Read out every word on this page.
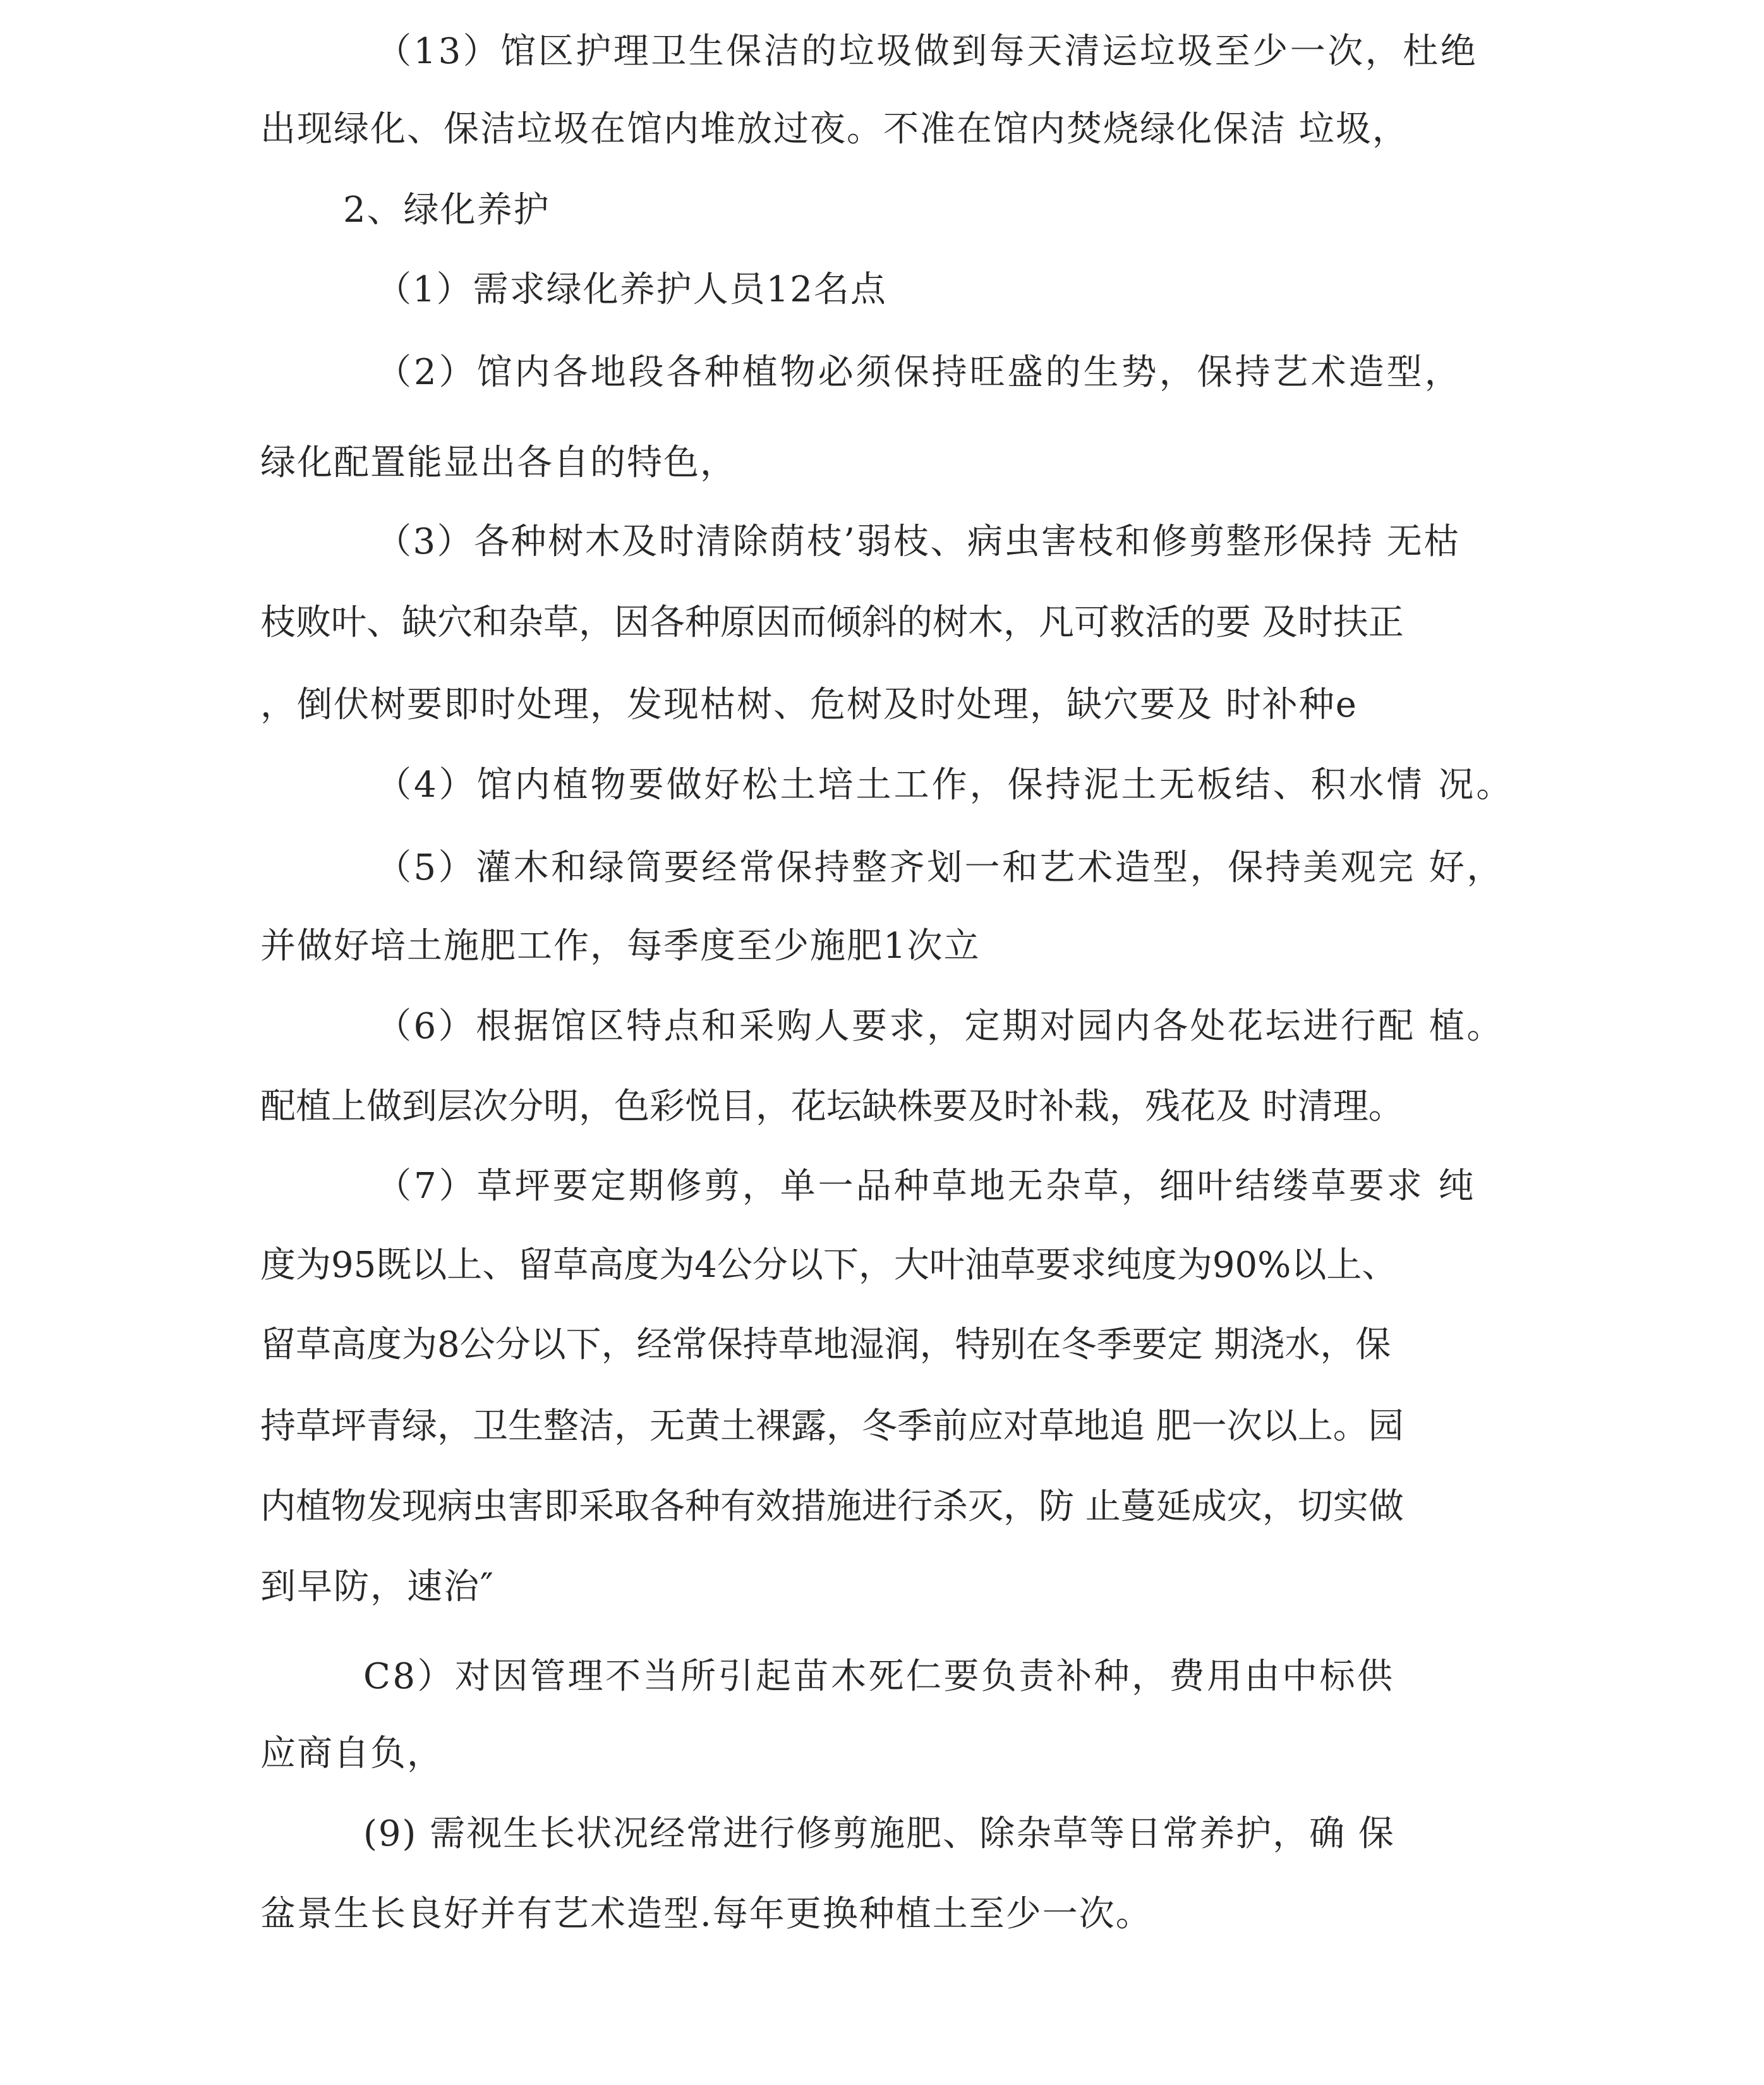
（13）馆区护理卫生保洁的垃圾做到每天清运垃圾至少一次，杜绝

出现绿化、保洁垃圾在馆内堆放过夜。不准在馆内焚烧绿化保洁 垃圾，

2、绿化养护

（1）需求绿化养护人员12名点

（2）馆内各地段各种植物必须保持旺盛的生势，保持艺术造型，

绿化配置能显出各自的特色，

（3）各种树木及时清除荫枝’弱枝、病虫害枝和修剪整形保持 无枯

枝败叶、缺穴和杂草，因各种原因而倾斜的树木，凡可救活的要 及时扶正

，倒伏树要即时处理，发现枯树、危树及时处理，缺穴要及 时补种e

（4）馆内植物要做好松土培土工作，保持泥土无板结、积水情 况。

（5）灌木和绿筒要经常保持整齐划一和艺术造型，保持美观完 好，

并做好培土施肥工作，每季度至少施肥1次立

（6）根据馆区特点和采购人要求，定期对园内各处花坛进行配 植。

配植上做到层次分明，色彩悦目，花坛缺株要及时补栽，残花及 时清理。

（7）草坪要定期修剪，单一品种草地无杂草，细叶结缕草要求 纯

度为95既以上、留草高度为4公分以下，大叶油草要求纯度为90%以上、

留草高度为8公分以下，经常保持草地湿润，特别在冬季要定 期浇水，保

持草坪青绿，卫生整洁，无黄土裸露，冬季前应对草地追 肥一次以上。园

内植物发现病虫害即采取各种有效措施进行杀灭，防 止蔓延成灾，切实做

到早防，速治″

C8）对因管理不当所引起苗木死仁要负责补种，费用由中标供

应商自负，

(9) 需视生长状况经常进行修剪施肥、除杂草等日常养护，确 保

盆景生长良好并有艺术造型.每年更换种植土至少一次。
